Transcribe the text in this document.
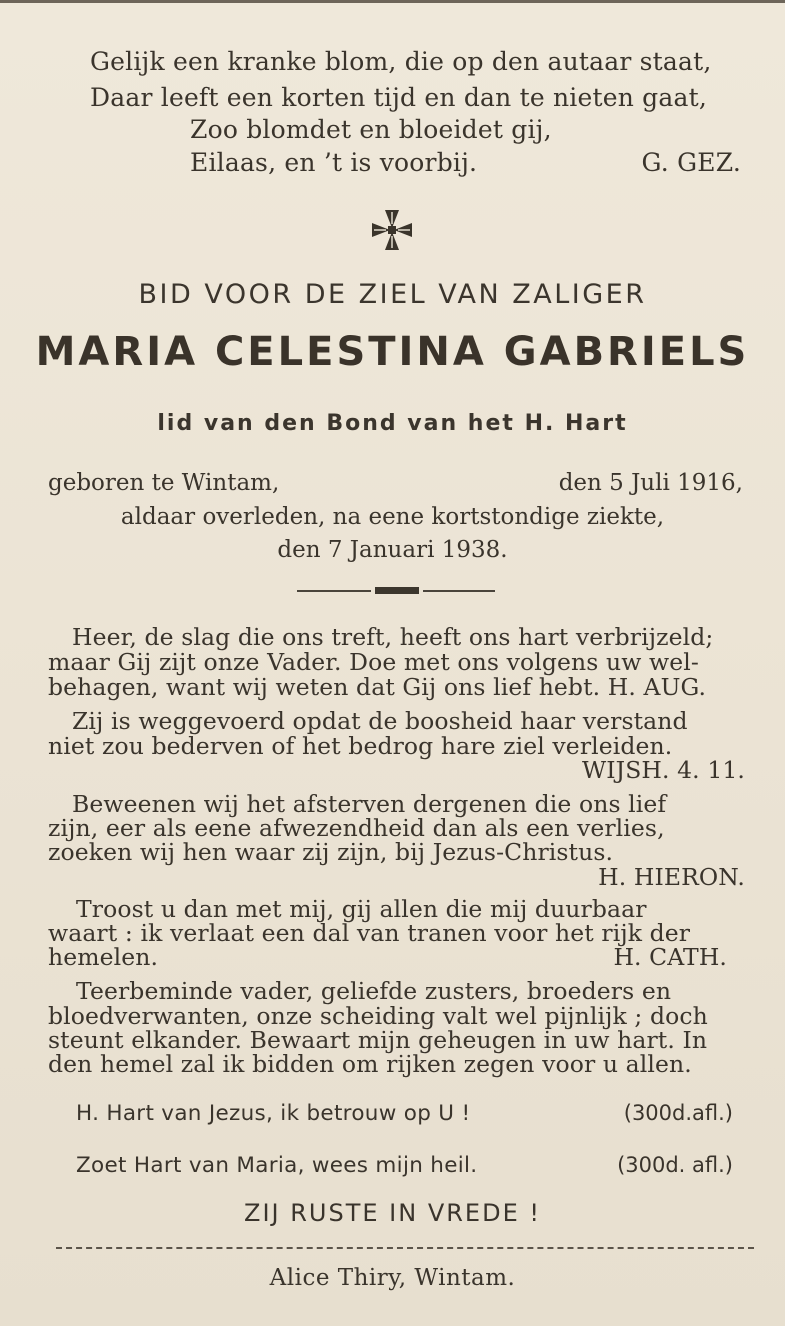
Gelijk een kranke blom, die op den autaar staat,
Daar leeft een korten tijd en dan te nieten gaat,
Zoo blomdet en bloeidet gij,
Eilaas, en ’t is voorbij.	G. GEZ.
BID VOOR DE ZIEL VAN ZALIGER
MARIA CELESTINA GABRIELS
lid van den Bond van het H. Hart
geboren te Wintam,	den 5 Juli 1916,
aldaar overleden, na eene kortstondige ziekte,
den 7 Januari 1938.
Heer, de slag die ons treft, heeft ons hart verbrijzeld;
maar Gij zijt onze Vader. Doe met ons volgens uw wel-
behagen, want wij weten dat Gij ons lief hebt. H. AUG.
Zij is weggevoerd opdat de boosheid haar verstand
niet zou bederven of het bedrog hare ziel verleiden.
WIJSH. 4. 11.
Beweenen wij het afsterven dergenen die ons lief
zijn, eer als eene afwezendheid dan als een verlies,
zoeken wij hen waar zij zijn, bij Jezus-Christus.
H. HIERON.
Troost u dan met mij, gij allen die mij duurbaar
waart : ik verlaat een dal van tranen voor het rijk der
hemelen.	H. CATH.
Teerbeminde vader, geliefde zusters, broeders en
bloedverwanten, onze scheiding valt wel pijnlijk ; doch
steunt elkander. Bewaart mijn geheugen in uw hart. In
den hemel zal ik bidden om rijken zegen voor u allen.
H. Hart van Jezus, ik betrouw op U !	(300d.afl.)
Zoet Hart van Maria, wees mijn heil.	(300d. afl.)
ZIJ RUSTE IN VREDE !
Alice Thiry, Wintam.
